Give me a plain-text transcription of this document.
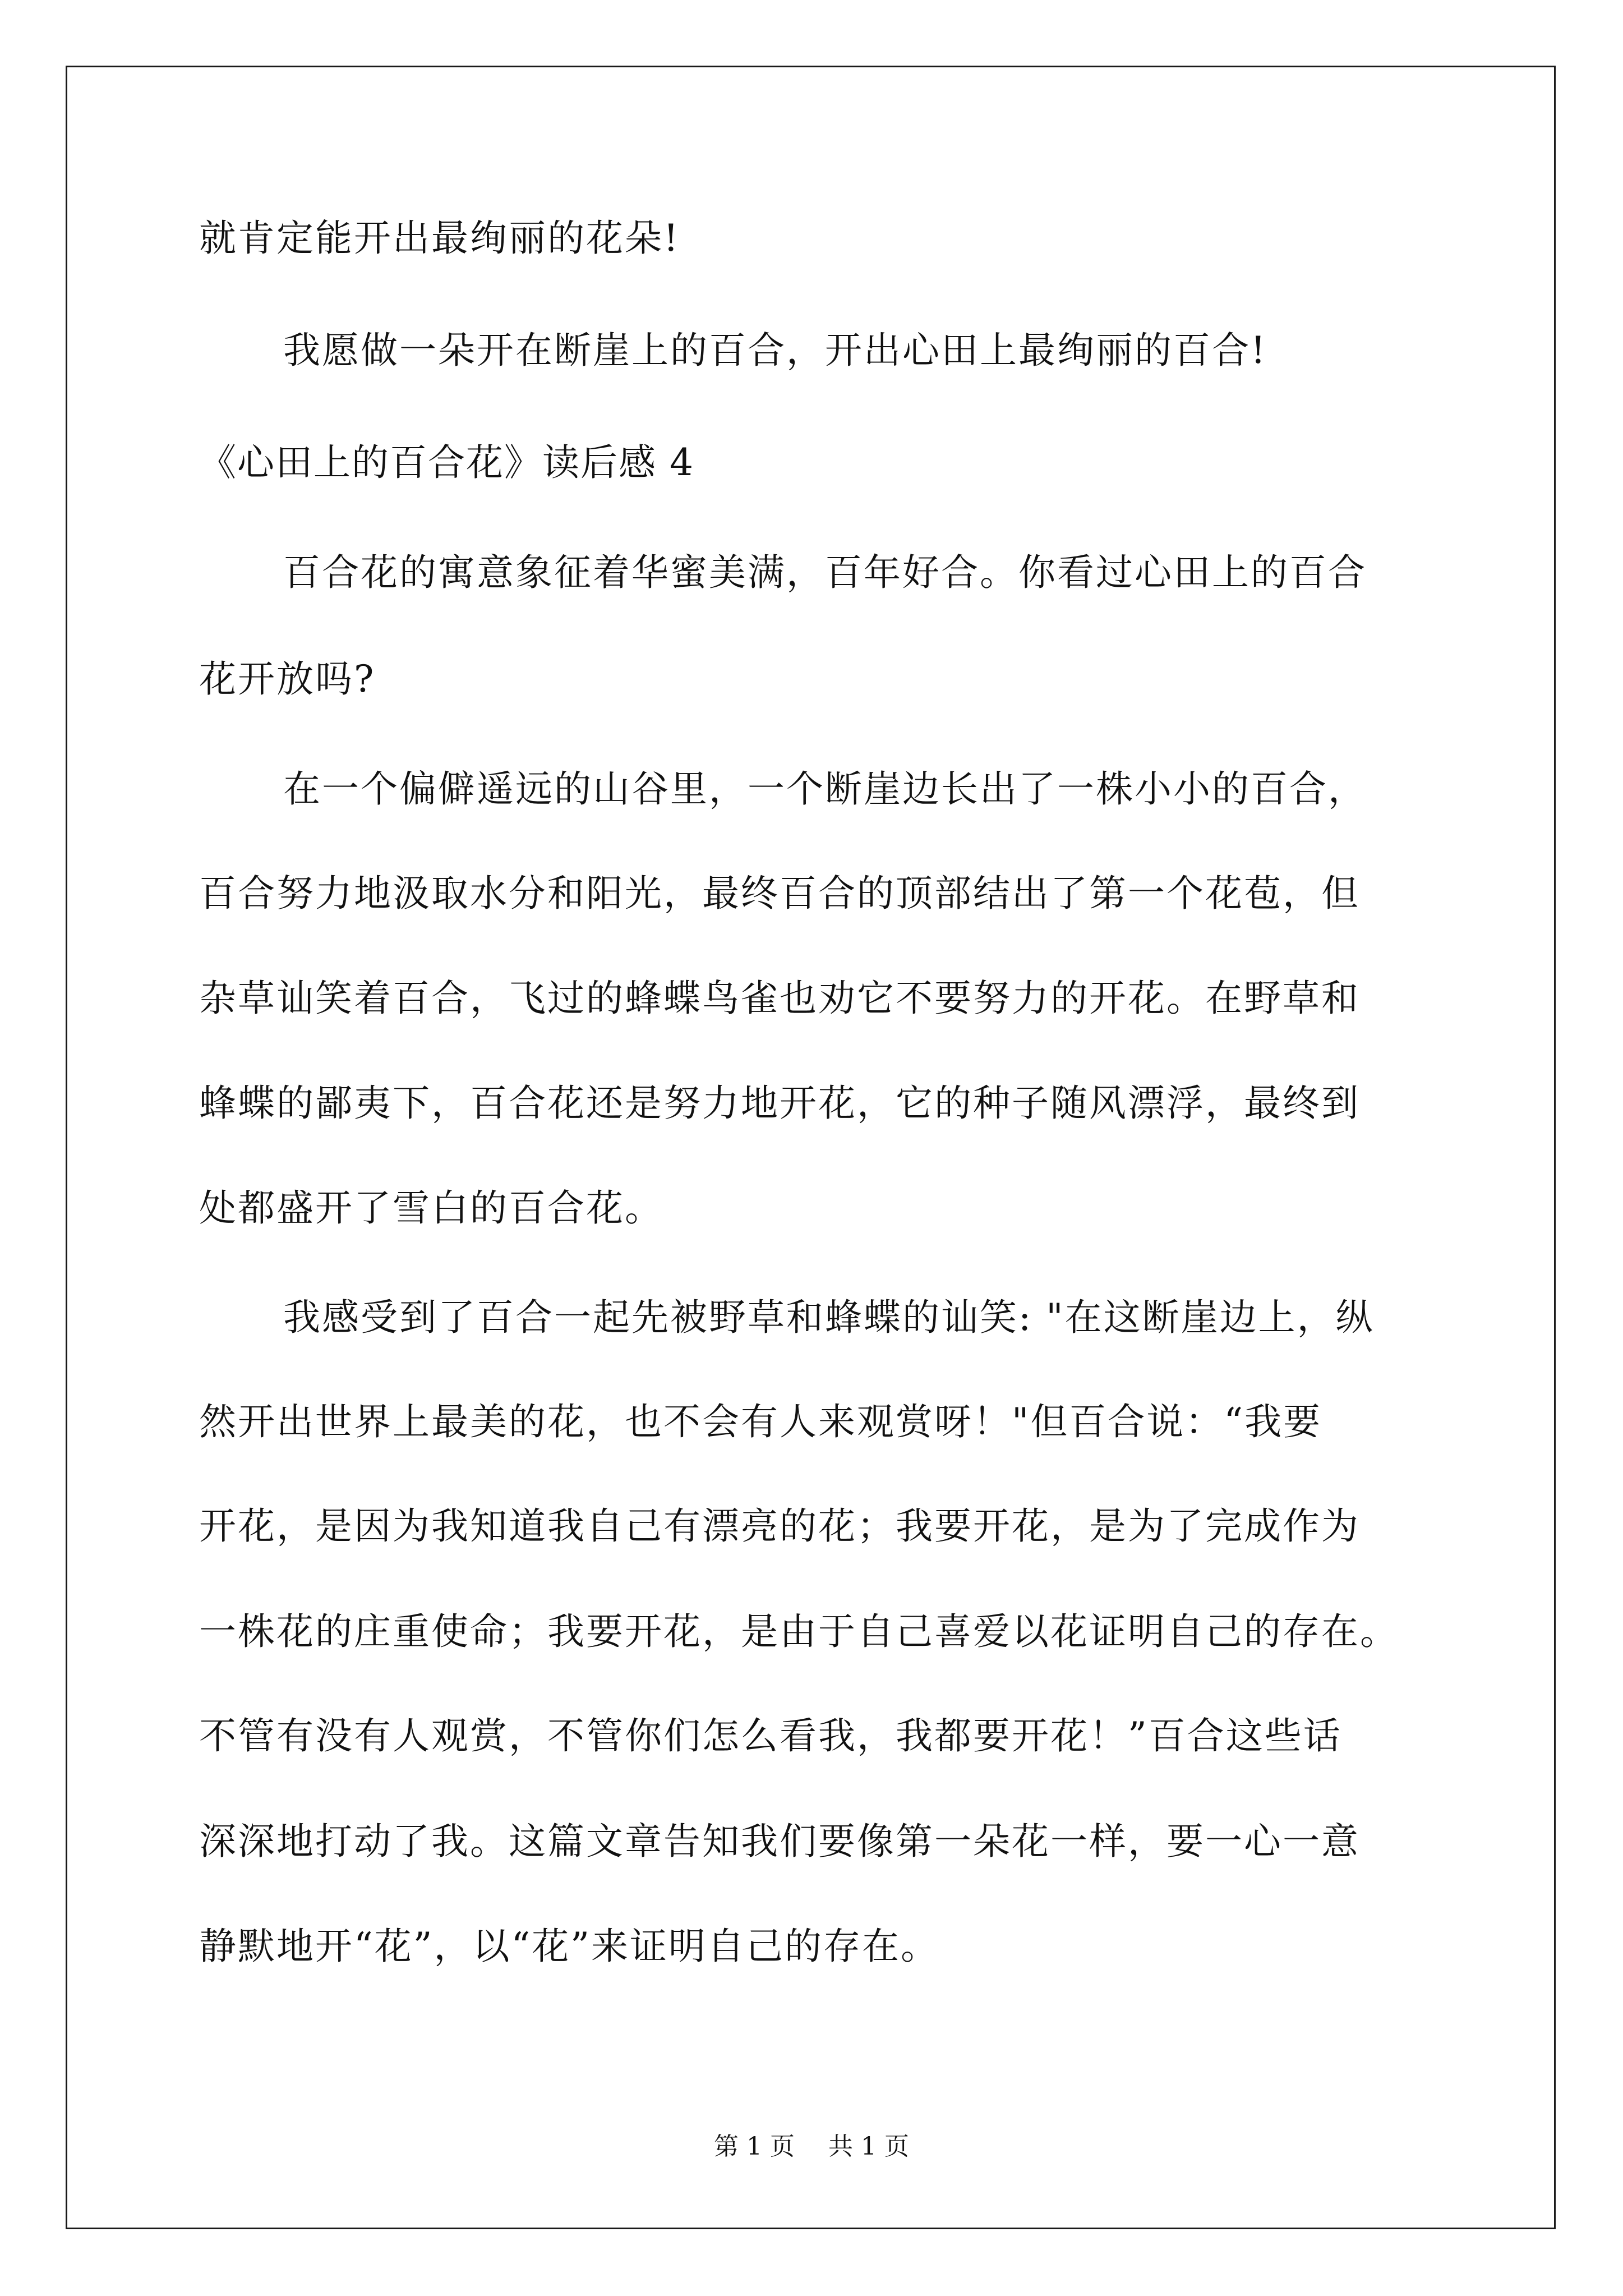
就肯定能开出最绚丽的花朵!
我愿做一朵开在断崖上的百合，开出心田上最绚丽的百合!
《心田上的百合花》读后感 4
百合花的寓意象征着华蜜美满，百年好合。你看过心田上的百合
花开放吗?
在一个偏僻遥远的山谷里，一个断崖边长出了一株小小的百合，
百合努力地汲取水分和阳光，最终百合的顶部结出了第一个花苞，但
杂草讪笑着百合，飞过的蜂蝶鸟雀也劝它不要努力的开花。在野草和
蜂蝶的鄙夷下，百合花还是努力地开花，它的种子随风漂浮，最终到
处都盛开了雪白的百合花。
我感受到了百合一起先被野草和蜂蝶的讪笑: "在这断崖边上，纵
然开出世界上最美的花，也不会有人来观赏呀！"但百合说：“我要
开花，是因为我知道我自己有漂亮的花；我要开花，是为了完成作为
一株花的庄重使命；我要开花，是由于自己喜爱以花证明自己的存在。
不管有没有人观赏，不管你们怎么看我，我都要开花！”百合这些话
深深地打动了我。这篇文章告知我们要像第一朵花一样，要一心一意
静默地开“花”，以“花”来证明自己的存在。
第 1 页 共 1 页
